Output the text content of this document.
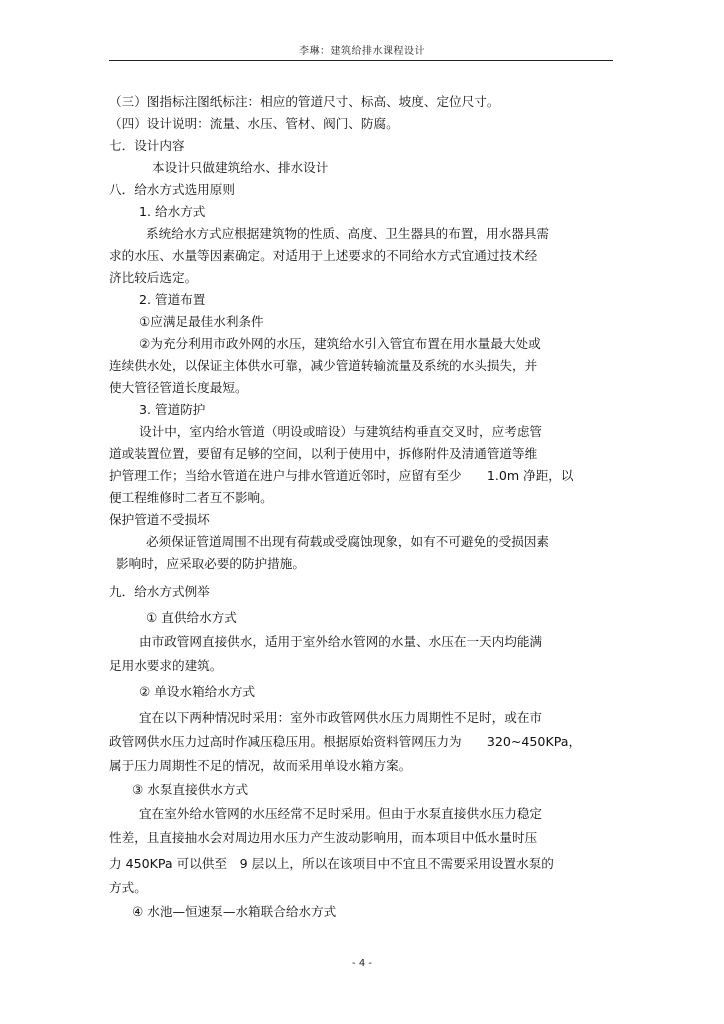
李琳：建筑给排水课程设计
（三）图指标注图纸标注：相应的管道尺寸、标高、坡度、定位尺寸。
（四）设计说明：流量、水压、管材、阀门、防腐。
七．设计内容
本设计只做建筑给水、排水设计
八．给水方式选用原则
1. 给水方式
系统给水方式应根据建筑物的性质、高度、卫生器具的布置，用水器具需
求的水压、水量等因素确定。对适用于上述要求的不同给水方式宜通过技术经
济比较后选定。
2. 管道布置
①应满足最佳水利条件
②为充分利用市政外网的水压，建筑给水引入管宜布置在用水量最大处或
连续供水处，以保证主体供水可靠，减少管道转输流量及系统的水头损失，并
使大管径管道长度最短。
3. 管道防护
设计中，室内给水管道（明设或暗设）与建筑结构垂直交叉时，应考虑管
道或装置位置，要留有足够的空间，以利于使用中，拆修附件及清通管道等维
护管理工作；当给水管道在进户与排水管道近邻时，应留有至少　　1.0m 净距，以
便工程维修时二者互不影响。
保护管道不受损坏
必须保证管道周围不出现有荷载或受腐蚀现象，如有不可避免的受损因素
影响时，应采取必要的防护措施。
九．给水方式例举
① 直供给水方式
由市政管网直接供水，适用于室外给水管网的水量、水压在一天内均能满
足用水要求的建筑。
② 单设水箱给水方式
宜在以下两种情况时采用：室外市政管网供水压力周期性不足时，或在市
政管网供水压力过高时作减压稳压用。根据原始资料管网压力为　　320~450KPa，
属于压力周期性不足的情况，故而采用单设水箱方案。
③ 水泵直接供水方式
宜在室外给水管网的水压经常不足时采用。但由于水泵直接供水压力稳定
性差，且直接抽水会对周边用水压力产生波动影响用，而本项目中低水量时压
力 450KPa 可以供至　9 层以上，所以在该项目中不宜且不需要采用设置水泵的
方式。
④ 水池—恒速泵—水箱联合给水方式
- 4 -
